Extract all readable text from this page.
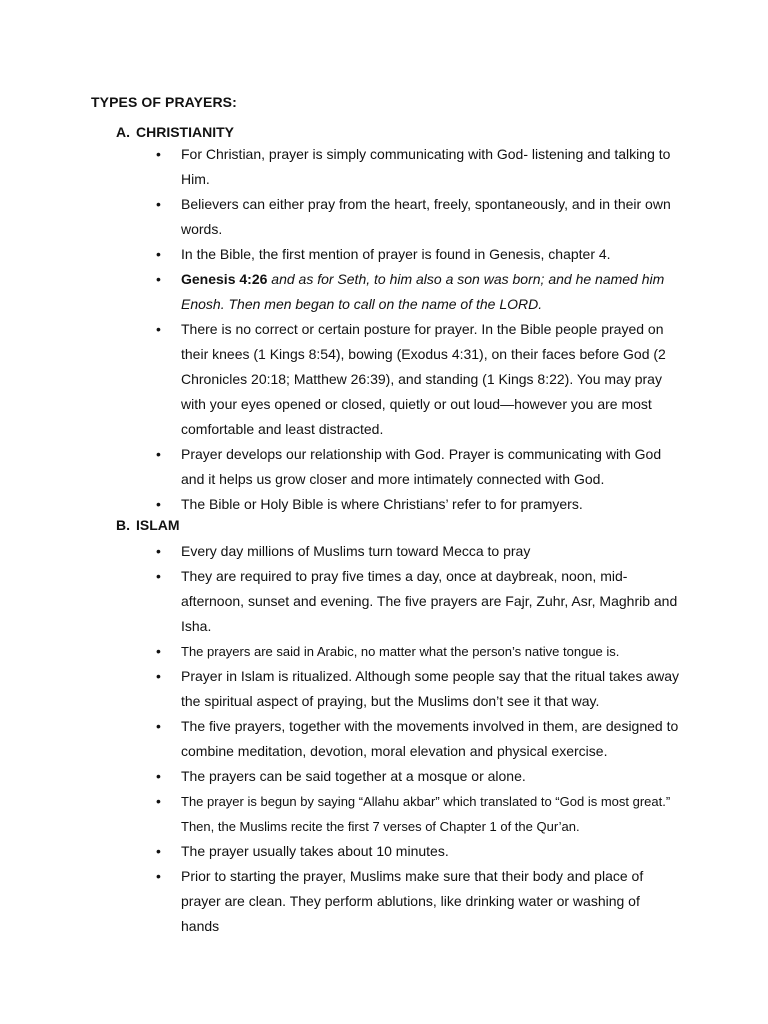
TYPES OF PRAYERS:
A. CHRISTIANITY
• For Christian, prayer is simply communicating with God- listening and talking to Him.
• Believers can either pray from the heart, freely, spontaneously, and in their own words.
• In the Bible, the first mention of prayer is found in Genesis, chapter 4.
• Genesis 4:26 and as for Seth, to him also a son was born; and he named him Enosh. Then men began to call on the name of the LORD.
• There is no correct or certain posture for prayer. In the Bible people prayed on their knees (1 Kings 8:54), bowing (Exodus 4:31), on their faces before God (2 Chronicles 20:18; Matthew 26:39), and standing (1 Kings 8:22). You may pray with your eyes opened or closed, quietly or out loud—however you are most comfortable and least distracted.
• Prayer develops our relationship with God. Prayer is communicating with God and it helps us grow closer and more intimately connected with God.
• The Bible or Holy Bible is where Christians’ refer to for pramyers.
B. ISLAM
• Every day millions of Muslims turn toward Mecca to pray
• They are required to pray five times a day, once at daybreak, noon, mid-afternoon, sunset and evening. The five prayers are Fajr, Zuhr, Asr, Maghrib and Isha.
• The prayers are said in Arabic, no matter what the person’s native tongue is.
• Prayer in Islam is ritualized. Although some people say that the ritual takes away the spiritual aspect of praying, but the Muslims don’t see it that way.
• The five prayers, together with the movements involved in them, are designed to combine meditation, devotion, moral elevation and physical exercise.
• The prayers can be said together at a mosque or alone.
• The prayer is begun by saying “Allahu akbar” which translated to “God is most great.” Then, the Muslims recite the first 7 verses of Chapter 1 of the Qur’an.
• The prayer usually takes about 10 minutes.
• Prior to starting the prayer, Muslims make sure that their body and place of prayer are clean. They perform ablutions, like drinking water or washing of hands
